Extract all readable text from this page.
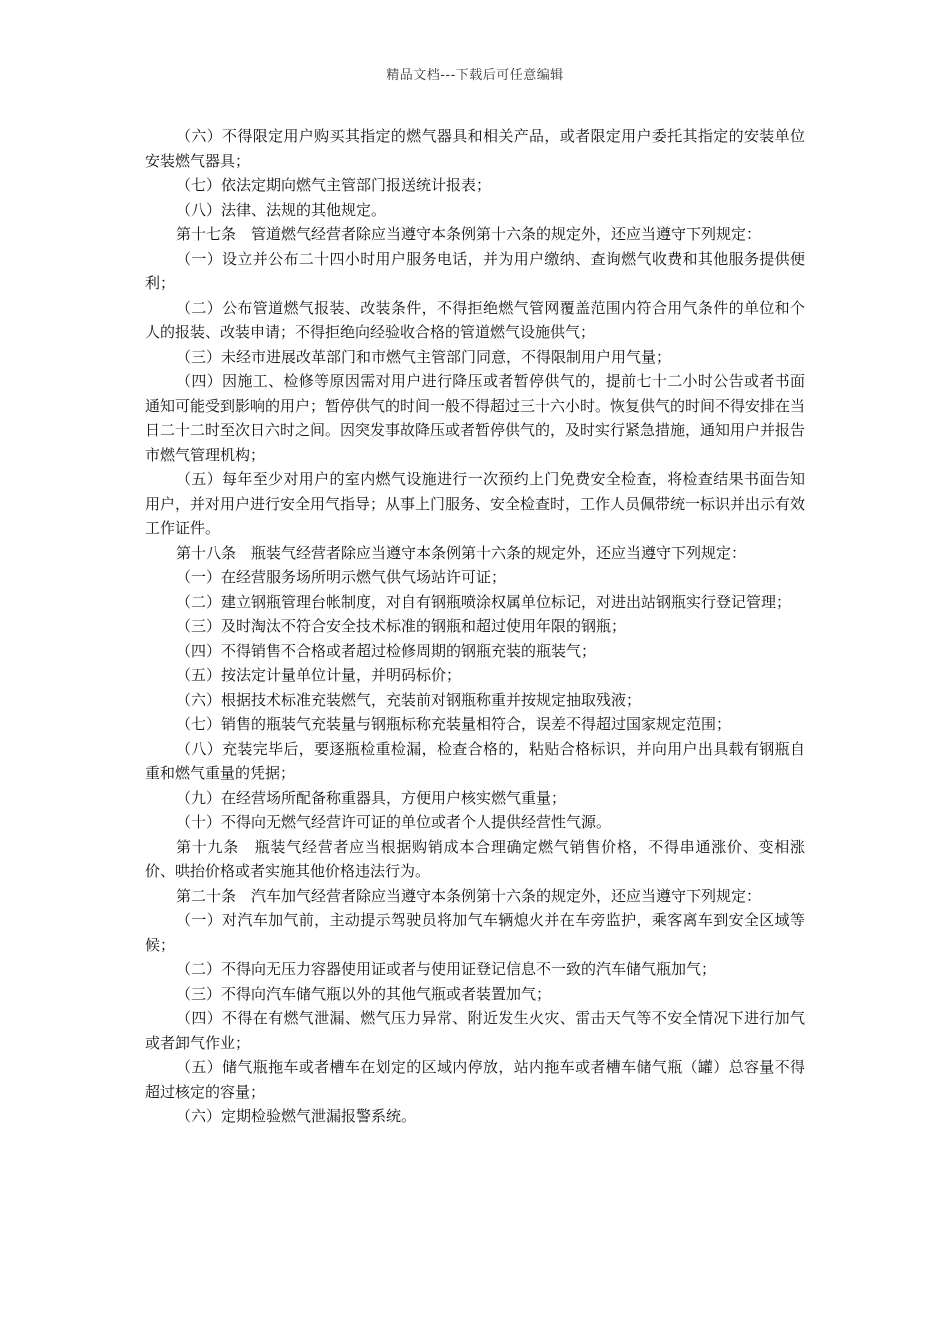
精品文档---下载后可任意编辑

（六）不得限定用户购买其指定的燃气器具和相关产品，或者限定用户委托其指定的安装单位安装燃气器具；

（七）依法定期向燃气主管部门报送统计报表；

（八）法律、法规的其他规定。

第十七条　管道燃气经营者除应当遵守本条例第十六条的规定外，还应当遵守下列规定：

（一）设立并公布二十四小时用户服务电话，并为用户缴纳、查询燃气收费和其他服务提供便利；

（二）公布管道燃气报装、改装条件，不得拒绝燃气管网覆盖范围内符合用气条件的单位和个人的报装、改装申请；不得拒绝向经验收合格的管道燃气设施供气；

（三）未经市进展改革部门和市燃气主管部门同意，不得限制用户用气量；

（四）因施工、检修等原因需对用户进行降压或者暂停供气的，提前七十二小时公告或者书面通知可能受到影响的用户；暂停供气的时间一般不得超过三十六小时。恢复供气的时间不得安排在当日二十二时至次日六时之间。因突发事故降压或者暂停供气的，及时实行紧急措施，通知用户并报告市燃气管理机构；

（五）每年至少对用户的室内燃气设施进行一次预约上门免费安全检查，将检查结果书面告知用户，并对用户进行安全用气指导；从事上门服务、安全检查时，工作人员佩带统一标识并出示有效工作证件。

第十八条　瓶装气经营者除应当遵守本条例第十六条的规定外，还应当遵守下列规定：

（一）在经营服务场所明示燃气供气场站许可证；

（二）建立钢瓶管理台帐制度，对自有钢瓶喷涂权属单位标记，对进出站钢瓶实行登记管理；

（三）及时淘汰不符合安全技术标准的钢瓶和超过使用年限的钢瓶；

（四）不得销售不合格或者超过检修周期的钢瓶充装的瓶装气；

（五）按法定计量单位计量，并明码标价；

（六）根据技术标准充装燃气，充装前对钢瓶称重并按规定抽取残液；

（七）销售的瓶装气充装量与钢瓶标称充装量相符合，误差不得超过国家规定范围；

（八）充装完毕后，要逐瓶检重检漏，检查合格的，粘贴合格标识，并向用户出具载有钢瓶自重和燃气重量的凭据；

（九）在经营场所配备称重器具，方便用户核实燃气重量；

（十）不得向无燃气经营许可证的单位或者个人提供经营性气源。

第十九条　瓶装气经营者应当根据购销成本合理确定燃气销售价格，不得串通涨价、变相涨价、哄抬价格或者实施其他价格违法行为。

第二十条　汽车加气经营者除应当遵守本条例第十六条的规定外，还应当遵守下列规定：

（一）对汽车加气前，主动提示驾驶员将加气车辆熄火并在车旁监护，乘客离车到安全区域等候；

（二）不得向无压力容器使用证或者与使用证登记信息不一致的汽车储气瓶加气；

（三）不得向汽车储气瓶以外的其他气瓶或者装置加气；

（四）不得在有燃气泄漏、燃气压力异常、附近发生火灾、雷击天气等不安全情况下进行加气或者卸气作业；

（五）储气瓶拖车或者槽车在划定的区域内停放，站内拖车或者槽车储气瓶（罐）总容量不得超过核定的容量；

（六）定期检验燃气泄漏报警系统。
